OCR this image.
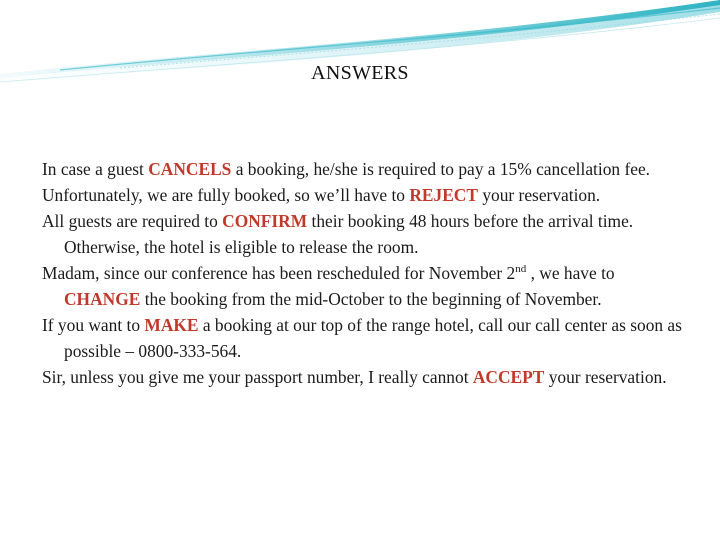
ANSWERS

In case a guest CANCELS a booking, he/she is required to pay a 15% cancellation fee.

Unfortunately, we are fully booked, so we’ll have to REJECT your reservation.

All guests are required to CONFIRM their booking 48 hours before the arrival time. Otherwise, the hotel is eligible to release the room.

Madam, since our conference has been rescheduled for November 2nd , we have to CHANGE the booking from the mid-October to the beginning of November.

If you want to MAKE a booking at our top of the range hotel, call our call center as soon as possible – 0800-333-564.

Sir, unless you give me your passport number, I really cannot ACCEPT your reservation.
